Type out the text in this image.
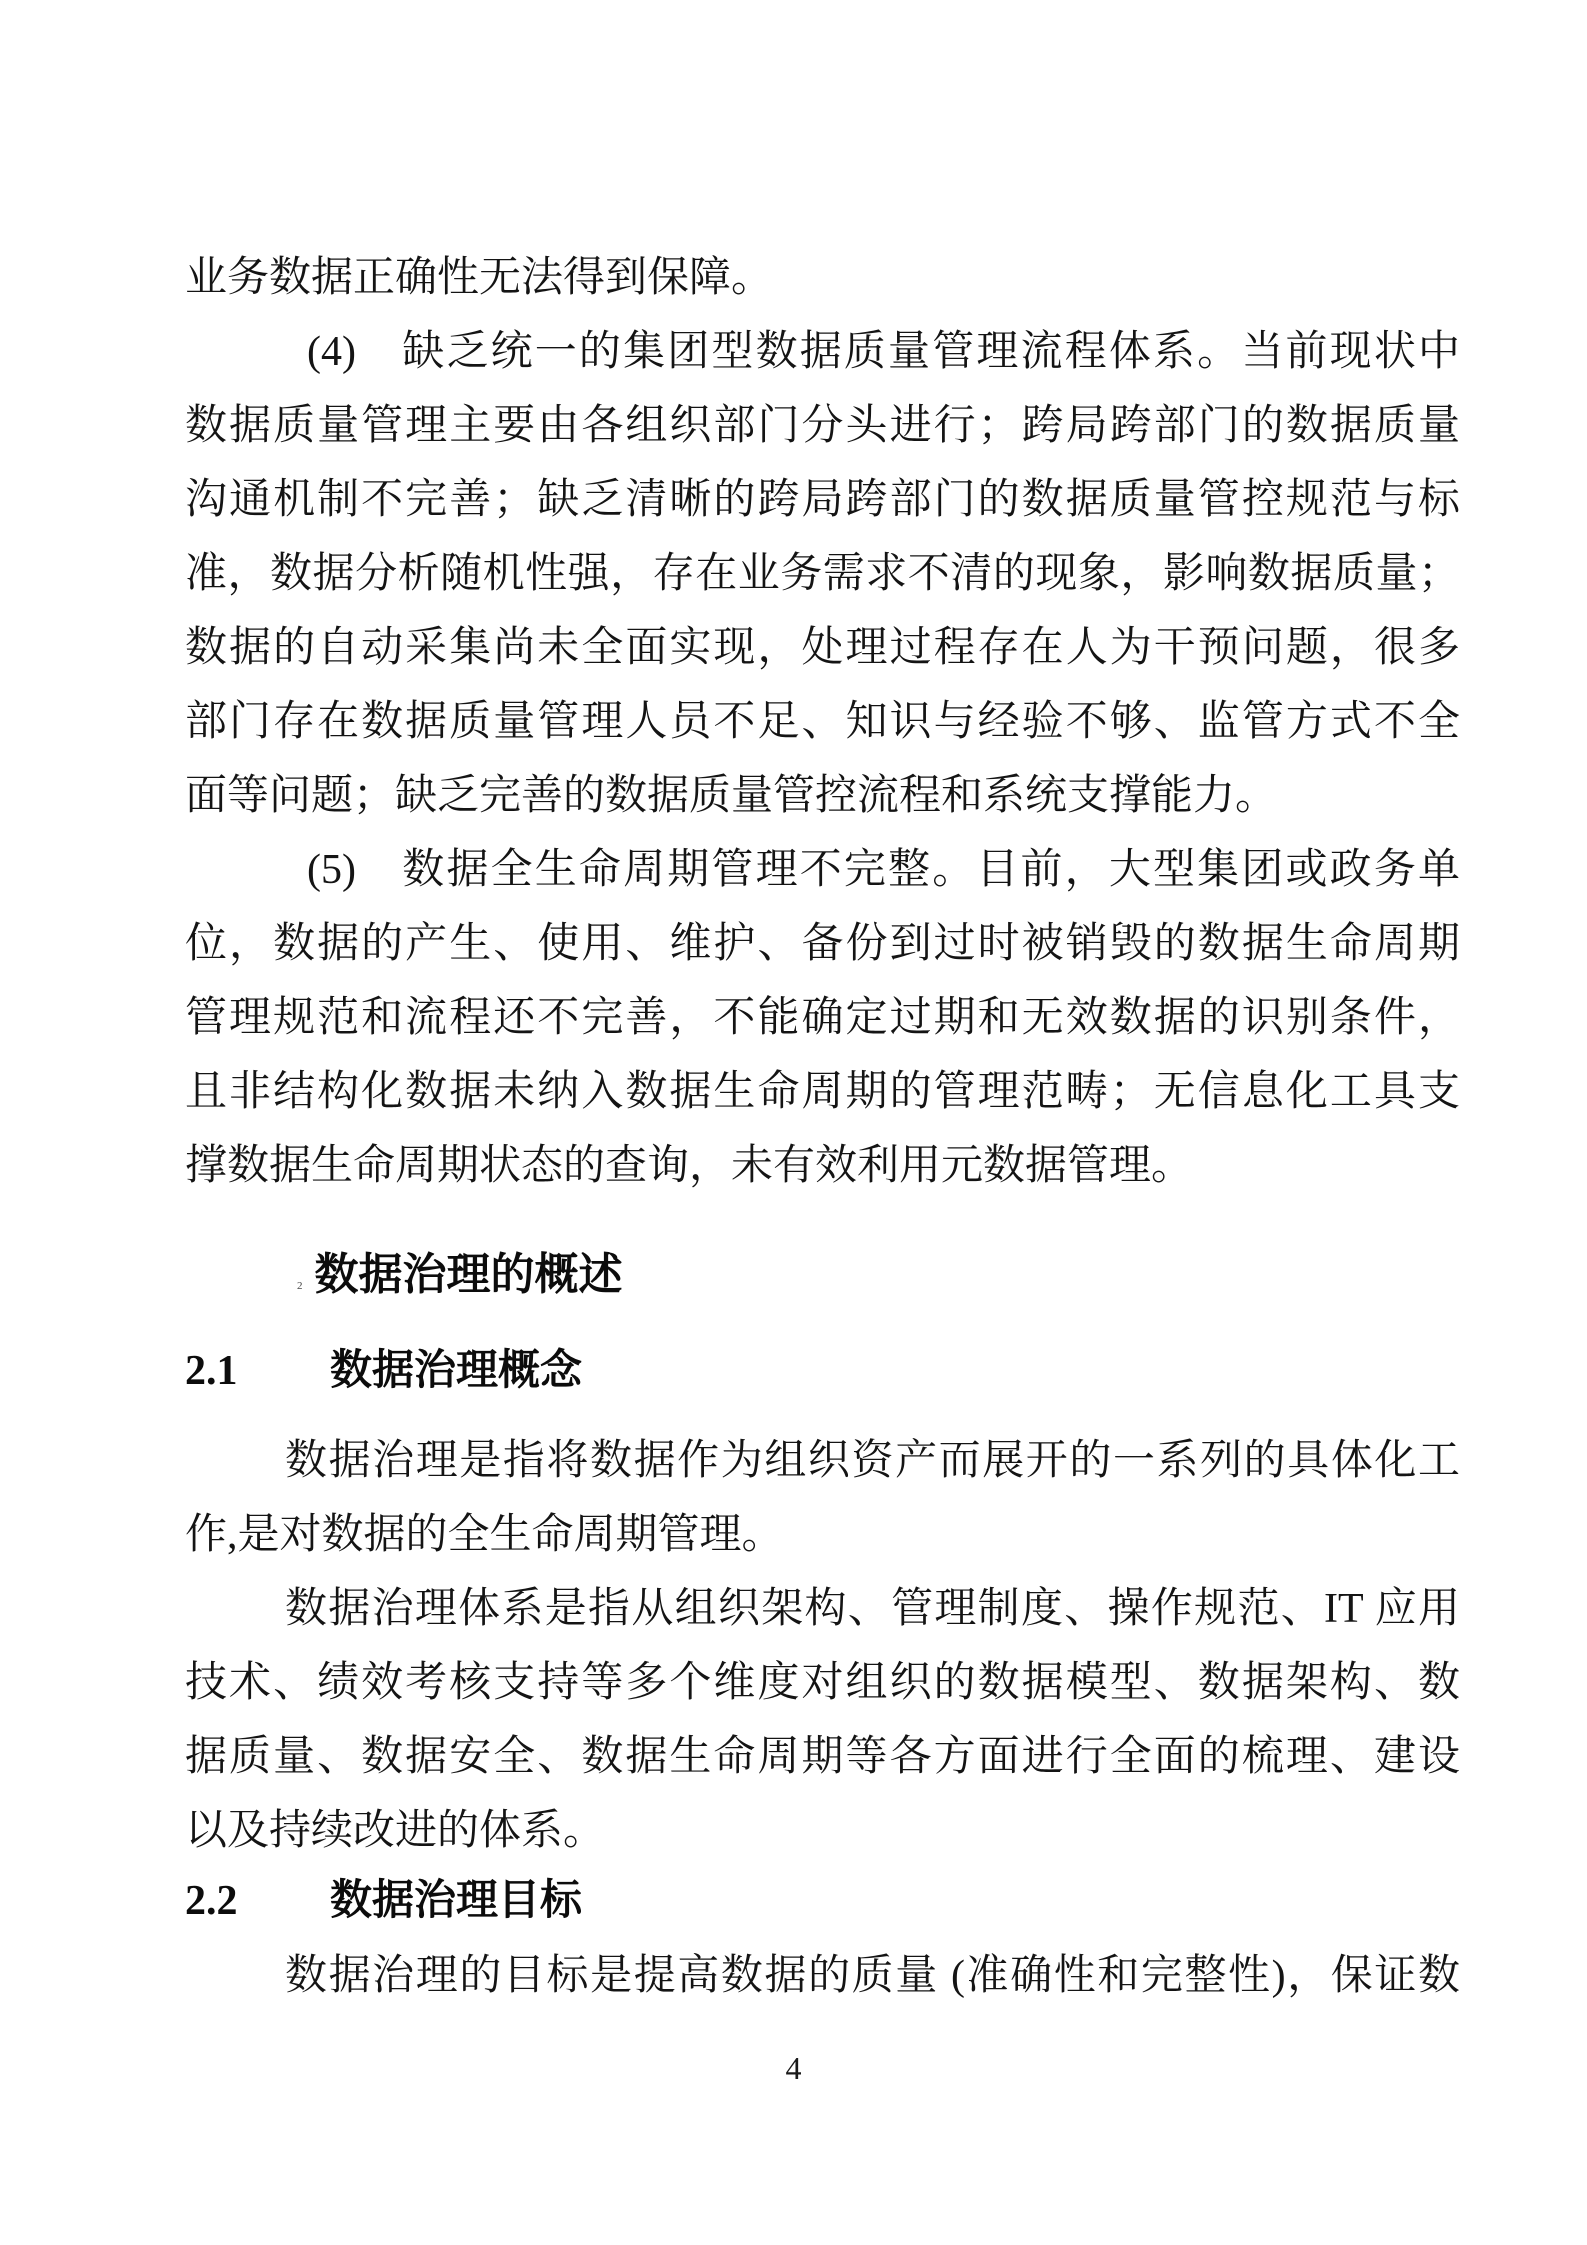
业务数据正确性无法得到保障。
(4)　缺乏统一的集团型数据质量管理流程体系。当前现状中
数据质量管理主要由各组织部门分头进行；跨局跨部门的数据质量
沟通机制不完善；缺乏清晰的跨局跨部门的数据质量管控规范与标
准，数据分析随机性强，存在业务需求不清的现象，影响数据质量；
数据的自动采集尚未全面实现，处理过程存在人为干预问题，很多
部门存在数据质量管理人员不足、知识与经验不够、监管方式不全
面等问题；缺乏完善的数据质量管控流程和系统支撑能力。
(5)　数据全生命周期管理不完整。目前，大型集团或政务单
位，数据的产生、使用、维护、备份到过时被销毁的数据生命周期
管理规范和流程还不完善，不能确定过期和无效数据的识别条件，
且非结构化数据未纳入数据生命周期的管理范畴；无信息化工具支
撑数据生命周期状态的查询，未有效利用元数据管理。
2 数据治理的概述
2.1 数据治理概念
数据治理是指将数据作为组织资产而展开的一系列的具体化工
作,是对数据的全生命周期管理。
数据治理体系是指从组织架构、管理制度、操作规范、IT 应用
技术、绩效考核支持等多个维度对组织的数据模型、数据架构、数
据质量、数据安全、数据生命周期等各方面进行全面的梳理、建设
以及持续改进的体系。
2.2 数据治理目标
数据治理的目标是提高数据的质量 (准确性和完整性)，保证数
4
